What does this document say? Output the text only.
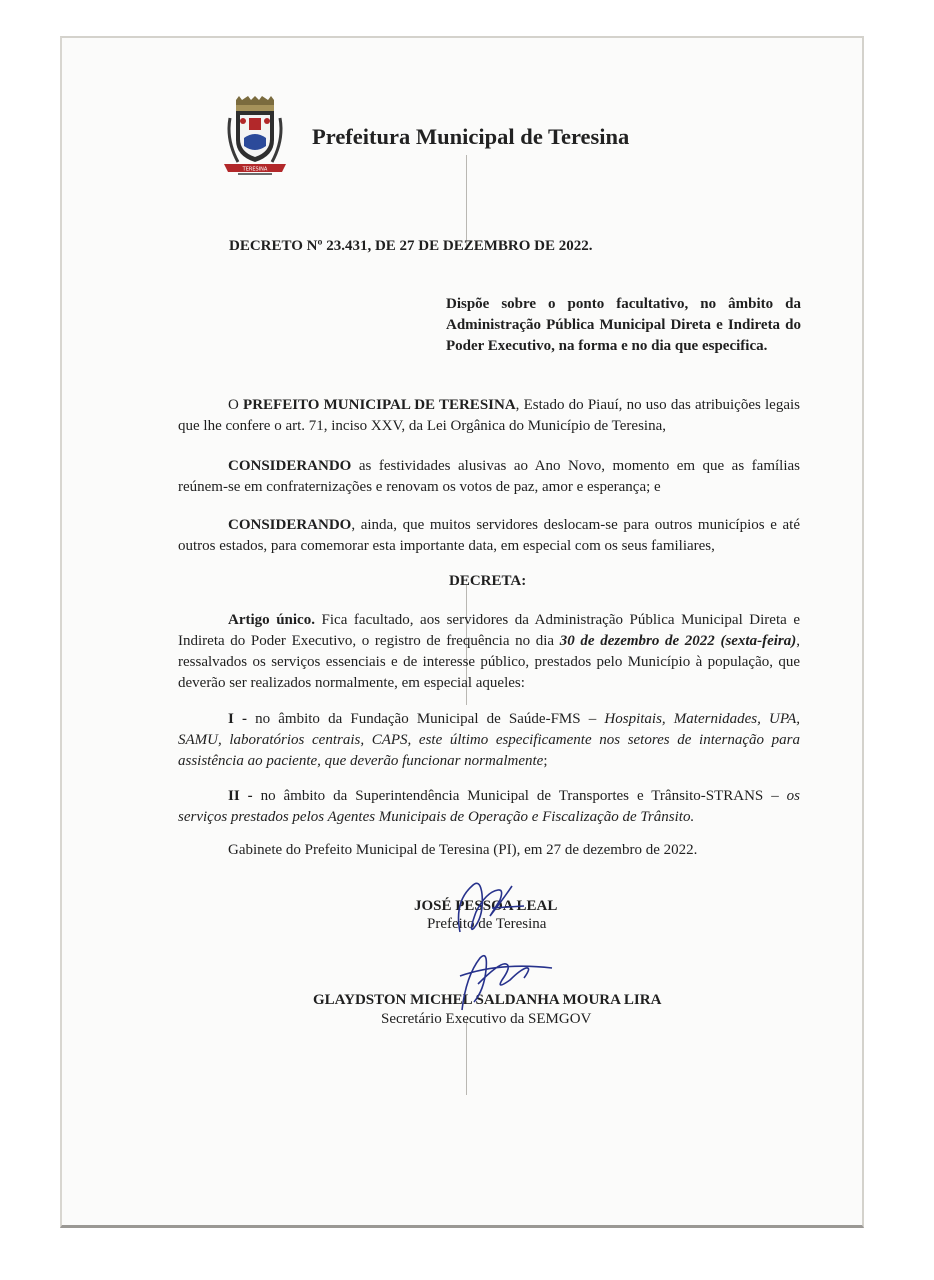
TERESINA
Prefeitura Municipal de Teresina
DECRETO Nº 23.431, DE 27 DE DEZEMBRO DE 2022.
Dispõe sobre o ponto facultativo, no âmbito da
Administração Pública Municipal Direta e Indireta do
Poder Executivo, na forma e no dia que especifica.
O PREFEITO MUNICIPAL DE TERESINA, Estado do Piauí, no uso das atribuições legais
que lhe confere o art. 71, inciso XXV, da Lei Orgânica do Município de Teresina,
CONSIDERANDO as festividades alusivas ao Ano Novo, momento em que as famílias
reúnem-se em confraternizações e renovam os votos de paz, amor e esperança; e
CONSIDERANDO, ainda, que muitos servidores deslocam-se para outros municípios e até
outros estados, para comemorar esta importante data, em especial com os seus familiares,
DECRETA:
Artigo único. Fica facultado, aos servidores da Administração Pública Municipal Direta e
Indireta do Poder Executivo, o registro de frequência no dia 30 de dezembro de 2022 (sexta-feira),
ressalvados os serviços essenciais e de interesse público, prestados pelo Município à população, que
deverão ser realizados normalmente, em especial aqueles:
I - no âmbito da Fundação Municipal de Saúde-FMS – Hospitais, Maternidades, UPA,
SAMU, laboratórios centrais, CAPS, este último especificamente nos setores de internação para
assistência ao paciente, que deverão funcionar normalmente;
II - no âmbito da Superintendência Municipal de Transportes e Trânsito-STRANS – os
serviços prestados pelos Agentes Municipais de Operação e Fiscalização de Trânsito.
Gabinete do Prefeito Municipal de Teresina (PI), em 27 de dezembro de 2022.
JOSÉ PESSOA LEAL
Prefeito de Teresina
GLAYDSTON MICHEL SALDANHA MOURA LIRA
Secretário Executivo da SEMGOV
